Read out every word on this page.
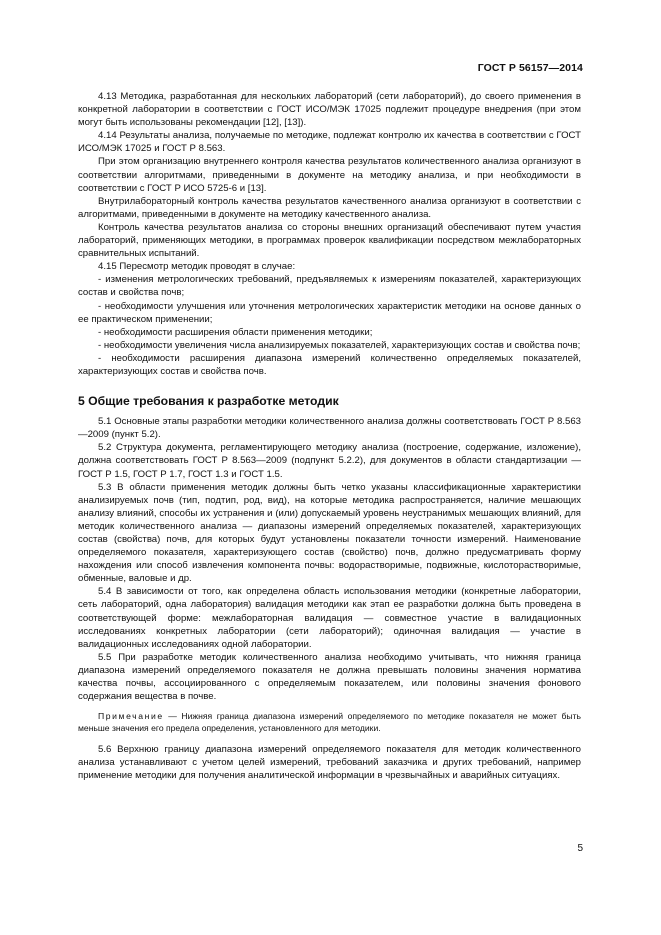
ГОСТ Р 56157—2014

4.13 Методика, разработанная для нескольких лабораторий (сети лабораторий), до своего применения в конкретной лаборатории в соответствии с ГОСТ ИСО/МЭК 17025 подлежит процедуре внедрения (при этом могут быть использованы рекомендации [12], [13]).

4.14 Результаты анализа, получаемые по методике, подлежат контролю их качества в соответствии с ГОСТ ИСО/МЭК 17025 и ГОСТ Р 8.563.

При этом организацию внутреннего контроля качества результатов количественного анализа организуют в соответствии алгоритмами, приведенными в документе на методику анализа, и при необходимости в соответствии с ГОСТ Р ИСО 5725-6 и [13].

Внутрилабораторный контроль качества результатов качественного анализа организуют в соответствии с алгоритмами, приведенными в документе на методику качественного анализа.

Контроль качества результатов анализа со стороны внешних организаций обеспечивают путем участия лабораторий, применяющих методики, в программах проверок квалификации посредством межлабораторных сравнительных испытаний.

4.15 Пересмотр методик проводят в случае:

- изменения метрологических требований, предъявляемых к измерениям показателей, характеризующих состав и свойства почв;

- необходимости улучшения или уточнения метрологических характеристик методики на основе данных о ее практическом применении;

- необходимости расширения области применения методики;

- необходимости увеличения числа анализируемых показателей, характеризующих состав и свойства почв;

- необходимости расширения диапазона измерений количественно определяемых показателей, характеризующих состав и свойства почв.

5 Общие требования к разработке методик

5.1 Основные этапы разработки методики количественного анализа должны соответствовать ГОСТ Р 8.563—2009 (пункт 5.2).

5.2 Структура документа, регламентирующего методику анализа (построение, содержание, изложение), должна соответствовать ГОСТ Р 8.563—2009 (подпункт 5.2.2), для документов в области стандартизации — ГОСТ Р 1.5, ГОСТ Р 1.7, ГОСТ 1.3 и ГОСТ 1.5.

5.3 В области применения методик должны быть четко указаны классификационные характеристики анализируемых почв (тип, подтип, род, вид), на которые методика распространяется, наличие мешающих анализу влияний, способы их устранения и (или) допускаемый уровень неустранимых мешающих влияний, для методик количественного анализа — диапазоны измерений определяемых показателей, характеризующих состав (свойства) почв, для которых будут установлены показатели точности измерений. Наименование определяемого показателя, характеризующего состав (свойство) почв, должно предусматривать форму нахождения или способ извлечения компонента почвы: водорастворимые, подвижные, кислоторастворимые, обменные, валовые и др.

5.4 В зависимости от того, как определена область использования методики (конкретные лаборатории, сеть лабораторий, одна лаборатория) валидация методики как этап ее разработки должна быть проведена в соответствующей форме: межлабораторная валидация — совместное участие в валидационных исследованиях конкретных лаборатории (сети лабораторий); одиночная валидация — участие в валидационных исследованиях одной лаборатории.

5.5 При разработке методик количественного анализа необходимо учитывать, что нижняя граница диапазона измерений определяемого показателя не должна превышать половины значения норматива качества почвы, ассоциированного с определяемым показателем, или половины значения фонового содержания вещества в почве.

Примечание — Нижняя граница диапазона измерений определяемого по методике показателя не может быть меньше значения его предела определения, установленного для методики.

5.6 Верхнюю границу диапазона измерений определяемого показателя для методик количественного анализа устанавливают с учетом целей измерений, требований заказчика и других требований, например применение методики для получения аналитической информации в чрезвычайных и аварийных ситуациях.

5
